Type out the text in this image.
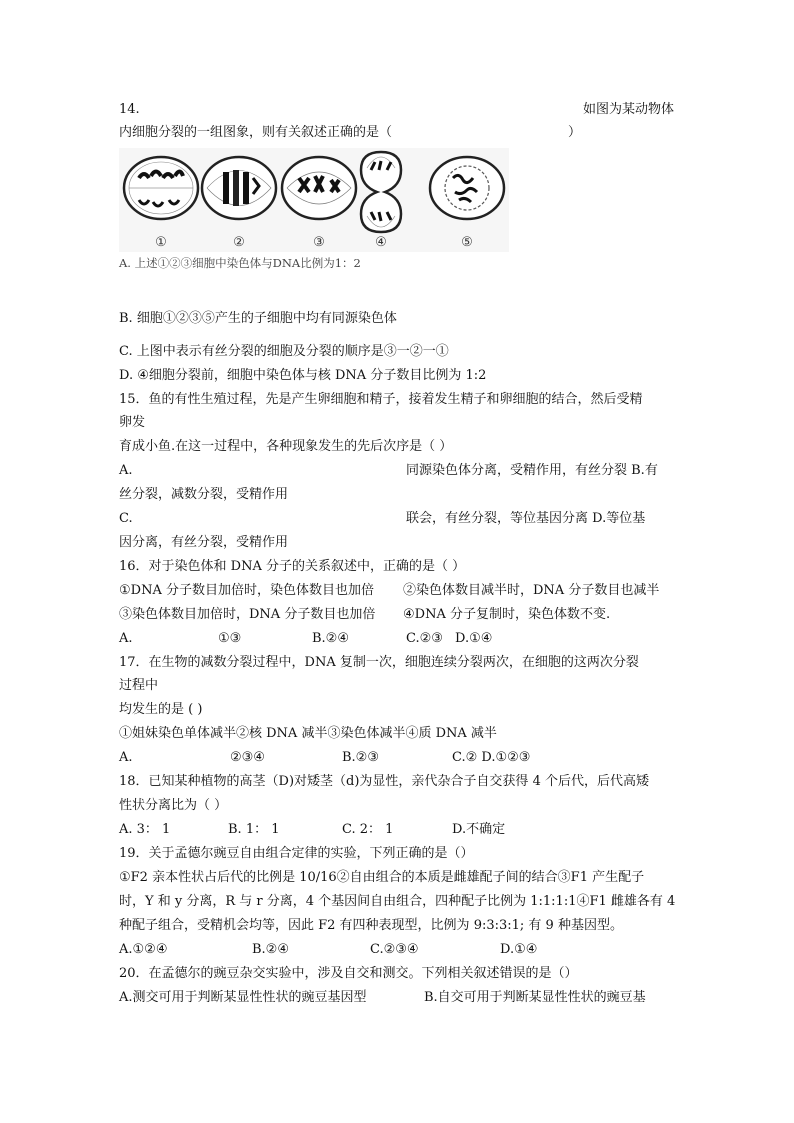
14.	如图为某动物体
内细胞分裂的一组图象，则有关叙述正确的是（	）
①	②	③	④	⑤
A. 上述①②③细胞中染色体与DNA比例为1：2
B. 细胞①②③⑤产生的子细胞中均有同源染色体
C. 上图中表示有丝分裂的细胞及分裂的顺序是③一②一①
D. ④细胞分裂前，细胞中染色体与核 DNA 分子数目比例为 1:2
15．鱼的有性生殖过程，先是产生卵细胞和精子，接着发生精子和卵细胞的结合，然后受精
卵发
育成小鱼.在这一过程中，各种现象发生的先后次序是（ ）
A.	同源染色体分离，受精作用，有丝分裂 B.有
丝分裂，减数分裂，受精作用
C.	联会，有丝分裂，等位基因分离 D.等位基
因分离，有丝分裂，受精作用
16．对于染色体和 DNA 分子的关系叙述中，正确的是（ ）
①DNA 分子数目加倍时，染色体数目也加倍 ②染色体数目减半时，DNA 分子数目也减半
③染色体数目加倍时，DNA 分子数目也加倍 ④DNA 分子复制时，染色体数不变.
A.	①③	B.②④	C.②③ D.①④
17．在生物的减数分裂过程中，DNA 复制一次，细胞连续分裂两次，在细胞的这两次分裂
过程中
均发生的是 ( )
①姐妹染色单体减半②核 DNA 减半③染色体减半④质 DNA 减半
A.	②③④	B.②③	C.② D.①②③
18．已知某种植物的高茎（D)对矮茎（d)为显性，亲代杂合子自交获得 4 个后代，后代高矮
性状分离比为（ ）
A. 3： 1	B. 1： 1	C. 2： 1	D.不确定
19．关于孟德尔豌豆自由组合定律的实验，下列正确的是（）
①F2 亲本性状占后代的比例是 10/16②自由组合的本质是雌雄配子间的结合③F1 产生配子
时，Y 和 y 分离，R 与 r 分离，4 个基因间自由组合，四种配子比例为 1:1:1:1④F1 雌雄各有 4
种配子组合，受精机会均等，因此 F2 有四种表现型，比例为 9:3:3:1; 有 9 种基因型。
A.①②④	B.②④	C.②③④	D.①④
20．在孟德尔的豌豆杂交实验中，涉及自交和测交。下列相关叙述错误的是（）
A.测交可用于判断某显性性状的豌豆基因型	B.自交可用于判断某显性性状的豌豆基
